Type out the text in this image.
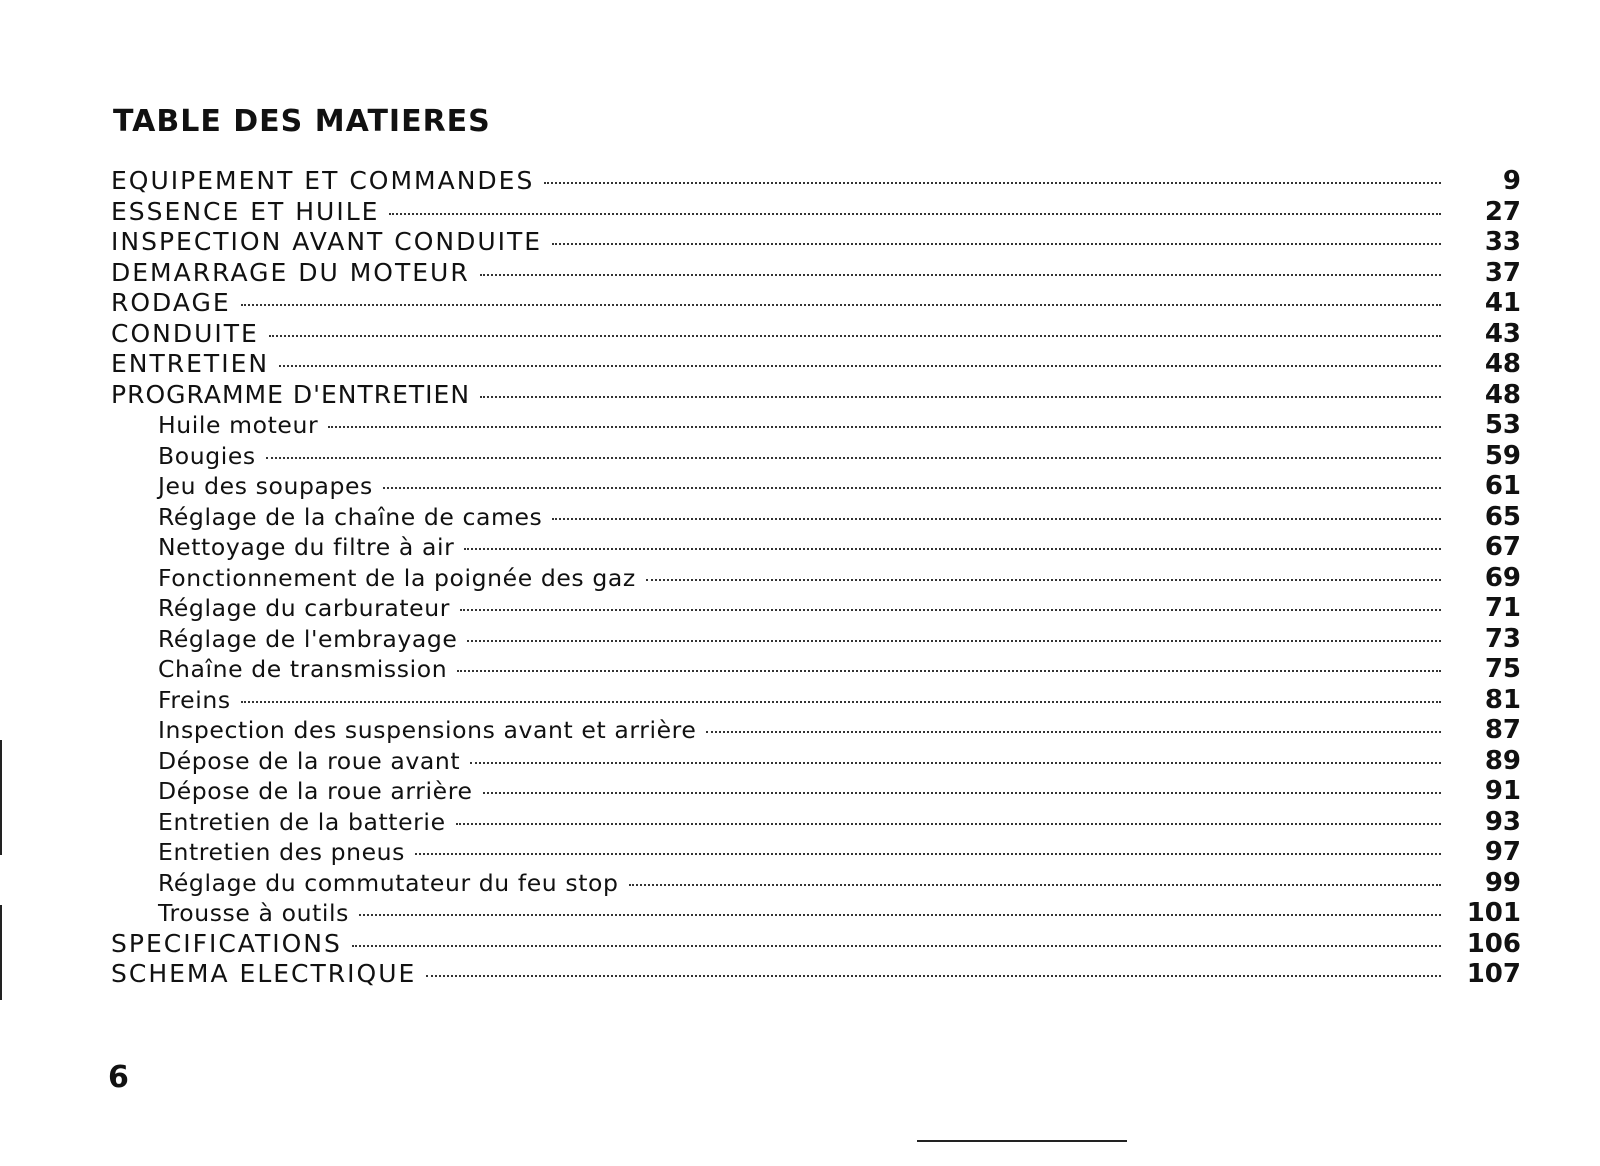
TABLE DES MATIERES
EQUIPEMENT ET COMMANDES	9
ESSENCE ET HUILE	27
INSPECTION AVANT CONDUITE	33
DEMARRAGE DU MOTEUR	37
RODAGE	41
CONDUITE	43
ENTRETIEN	48
PROGRAMME D'ENTRETIEN	48
Huile moteur	53
Bougies	59
Jeu des soupapes	61
Réglage de la chaîne de cames	65
Nettoyage du filtre à air	67
Fonctionnement de la poignée des gaz	69
Réglage du carburateur	71
Réglage de l'embrayage	73
Chaîne de transmission	75
Freins	81
Inspection des suspensions avant et arrière	87
Dépose de la roue avant	89
Dépose de la roue arrière	91
Entretien de la batterie	93
Entretien des pneus	97
Réglage du commutateur du feu stop	99
Trousse à outils	101
SPECIFICATIONS	106
SCHEMA ELECTRIQUE	107
6
